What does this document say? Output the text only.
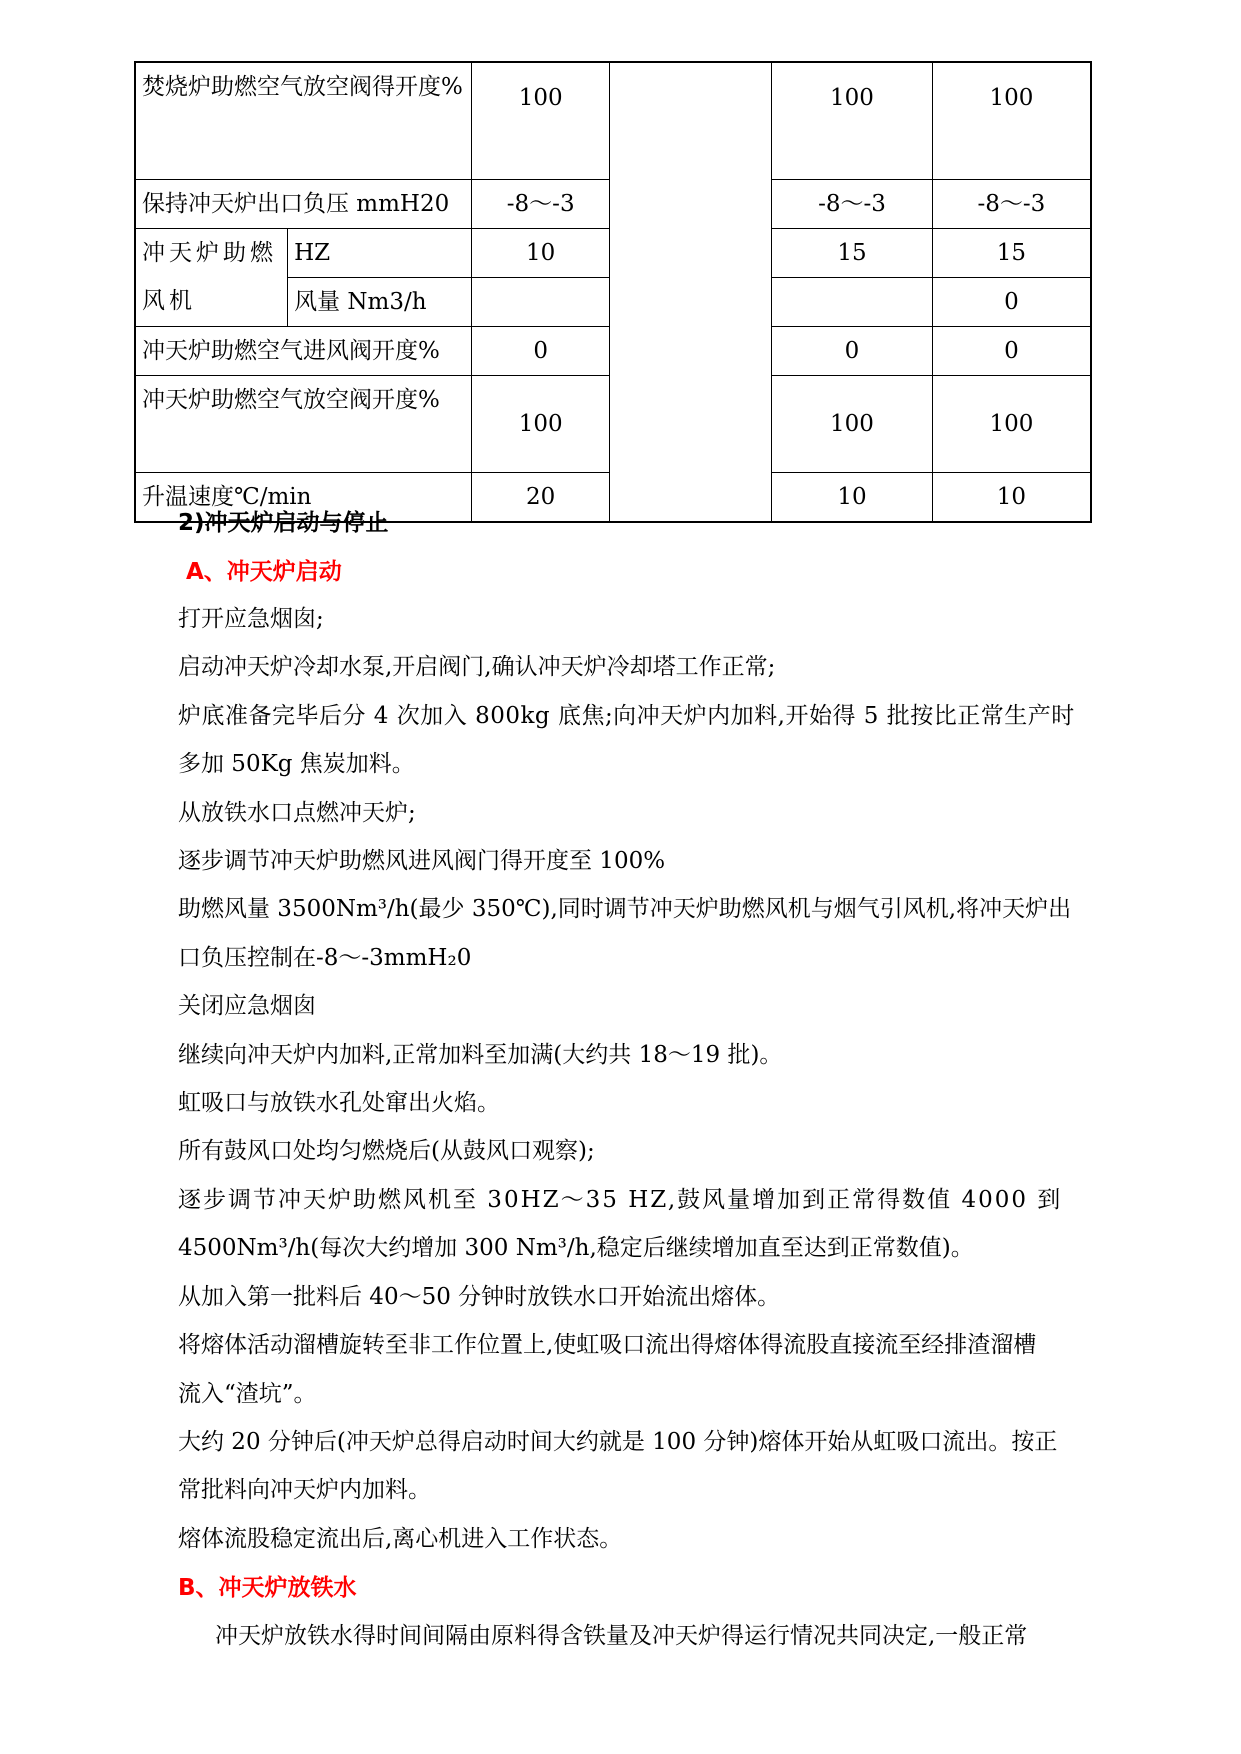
焚烧炉助燃空气放空阀得开度%		100		100	100
保持冲天炉出口负压 mmH20		-8～-3		-8～-3	-8～-3
冲天炉助燃风机	HZ	10		15	15
	风量 Nm3/h				0
冲天炉助燃空气进风阀开度%		0		0	0
冲天炉助燃空气放空阀开度%		100		100	100
升温速度℃/min		20		10	10
2)冲天炉启动与停止
A、冲天炉启动
打开应急烟囱;
启动冲天炉冷却水泵,开启阀门,确认冲天炉冷却塔工作正常;
炉底准备完毕后分 4 次加入 800kg 底焦;向冲天炉内加料,开始得 5 批按比正常生产时
多加 50Kg 焦炭加料。
从放铁水口点燃冲天炉;
逐步调节冲天炉助燃风进风阀门得开度至 100%
助燃风量 3500Nm³/h(最少 350℃),同时调节冲天炉助燃风机与烟气引风机,将冲天炉出
口负压控制在-8～-3mmH₂0
关闭应急烟囱
继续向冲天炉内加料,正常加料至加满(大约共 18～19 批)。
虹吸口与放铁水孔处窜出火焰。
所有鼓风口处均匀燃烧后(从鼓风口观察);
逐步调节冲天炉助燃风机至 30HZ～35 HZ,鼓风量增加到正常得数值 4000 到
4500Nm³/h(每次大约增加 300 Nm³/h,稳定后继续增加直至达到正常数值)。
从加入第一批料后 40～50 分钟时放铁水口开始流出熔体。
将熔体活动溜槽旋转至非工作位置上,使虹吸口流出得熔体得流股直接流至经排渣溜槽
流入“渣坑”。
大约 20 分钟后(冲天炉总得启动时间大约就是 100 分钟)熔体开始从虹吸口流出。按正
常批料向冲天炉内加料。
熔体流股稳定流出后,离心机进入工作状态。
B、冲天炉放铁水
冲天炉放铁水得时间间隔由原料得含铁量及冲天炉得运行情况共同决定,一般正常
